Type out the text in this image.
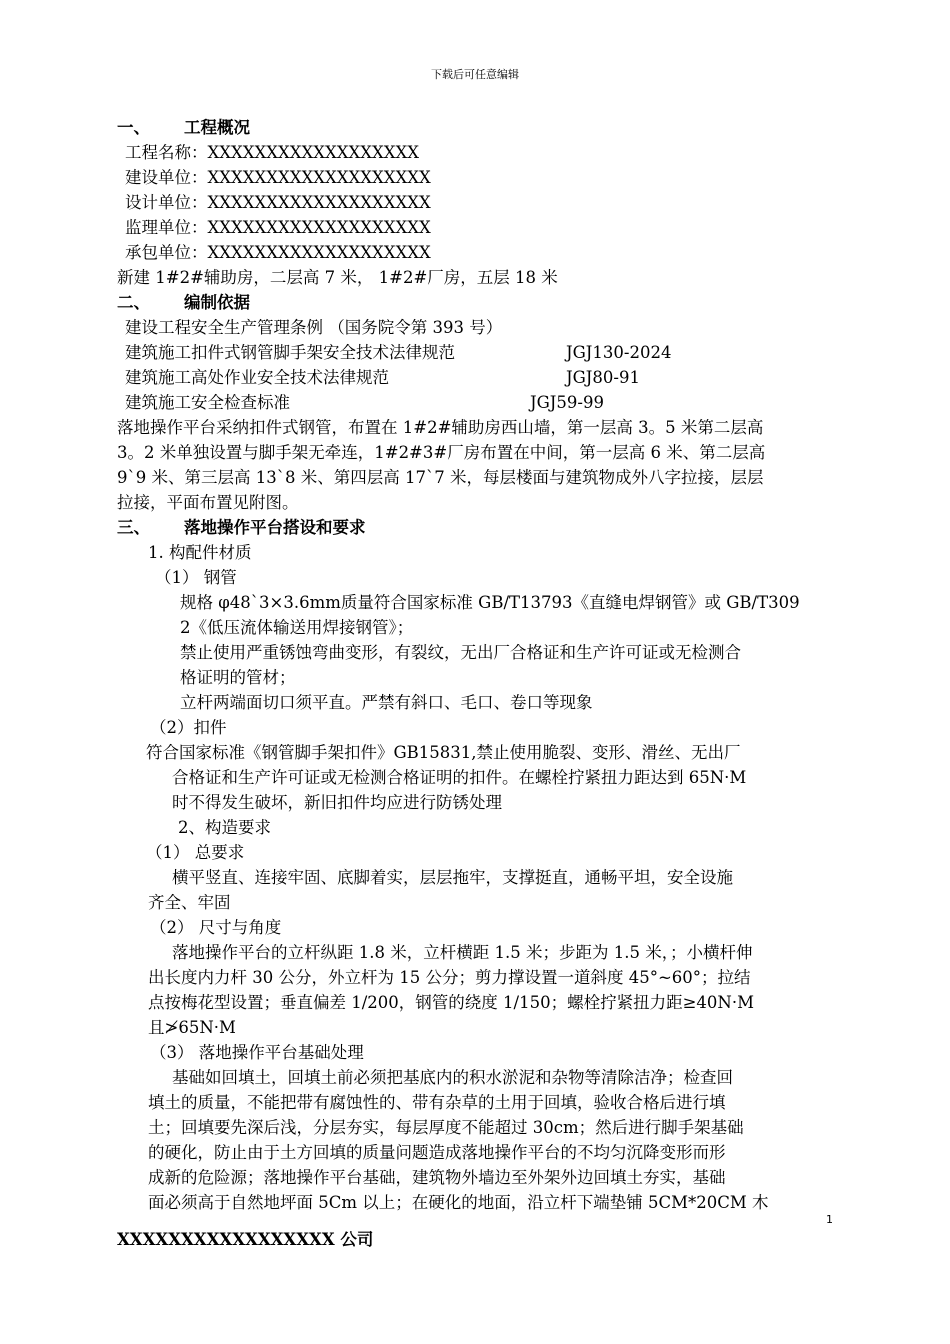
下载后可任意编辑
一、 工程概况
工程名称：XXXXXXXXXXXXXXXXXX
建设单位：XXXXXXXXXXXXXXXXXXX
设计单位：XXXXXXXXXXXXXXXXXXX
监理单位：XXXXXXXXXXXXXXXXXXX
承包单位：XXXXXXXXXXXXXXXXXXX
新建 1#2#辅助房，二层高 7 米， 1#2#厂房，五层 18 米
二、 编制依据
建设工程安全生产管理条例 （国务院令第 393 号）
建筑施工扣件式钢管脚手架安全技术法律规范	JGJ130-2024
建筑施工高处作业安全技术法律规范	JGJ80-91
建筑施工安全检查标准	JGJ59-99
落地操作平台采纳扣件式钢管，布置在 1#2#辅助房西山墙，第一层高 3。5 米第二层高
3。2 米单独设置与脚手架无牵连，1#2#3#厂房布置在中间，第一层高 6 米、第二层高
9`9 米、第三层高 13`8 米、第四层高 17`7 米，每层楼面与建筑物成外八字拉接，层层
拉接，平面布置见附图。
三、 落地操作平台搭设和要求
1. 构配件材质
（1） 钢管
规格 φ48`3×3.6mm质量符合国家标准 GB/T13793《直缝电焊钢管》或 GB/T309
2《低压流体输送用焊接钢管》；
禁止使用严重锈蚀弯曲变形，有裂纹，无出厂合格证和生产许可证或无检测合
格证明的管材；
立杆两端面切口须平直。严禁有斜口、毛口、卷口等现象
（2）扣件
符合国家标准《钢管脚手架扣件》GB15831,禁止使用脆裂、变形、滑丝、无出厂
合格证和生产许可证或无检测合格证明的扣件。在螺栓拧紧扭力距达到 65N·M
时不得发生破坏，新旧扣件均应进行防锈处理
2、构造要求
（1） 总要求
横平竖直、连接牢固、底脚着实，层层拖牢，支撑挺直，通畅平坦，安全设施
齐全、牢固
（2） 尺寸与角度
落地操作平台的立杆纵距 1.8 米，立杆横距 1.5 米；步距为 1.5 米，；小横杆伸
出长度内力杆 30 公分，外立杆为 15 公分；剪力撑设置一道斜度 45°~60°；拉结
点按梅花型设置；垂直偏差 1/200，钢管的绕度 1/150；螺栓拧紧扭力距≥40N·M
且≯65N·M
（3） 落地操作平台基础处理
基础如回填土，回填土前必须把基底内的积水淤泥和杂物等清除洁净；检查回
填土的质量，不能把带有腐蚀性的、带有杂草的土用于回填，验收合格后进行填
土；回填要先深后浅，分层夯实，每层厚度不能超过 30cm；然后进行脚手架基础
的硬化，防止由于土方回填的质量问题造成落地操作平台的不均匀沉降变形而形
成新的危险源；落地操作平台基础，建筑物外墙边至外架外边回填土夯实，基础
面必须高于自然地坪面 5Cm 以上；在硬化的地面，沿立杆下端垫铺 5CM*20CM 木
1
XXXXXXXXXXXXXXXXX 公司
